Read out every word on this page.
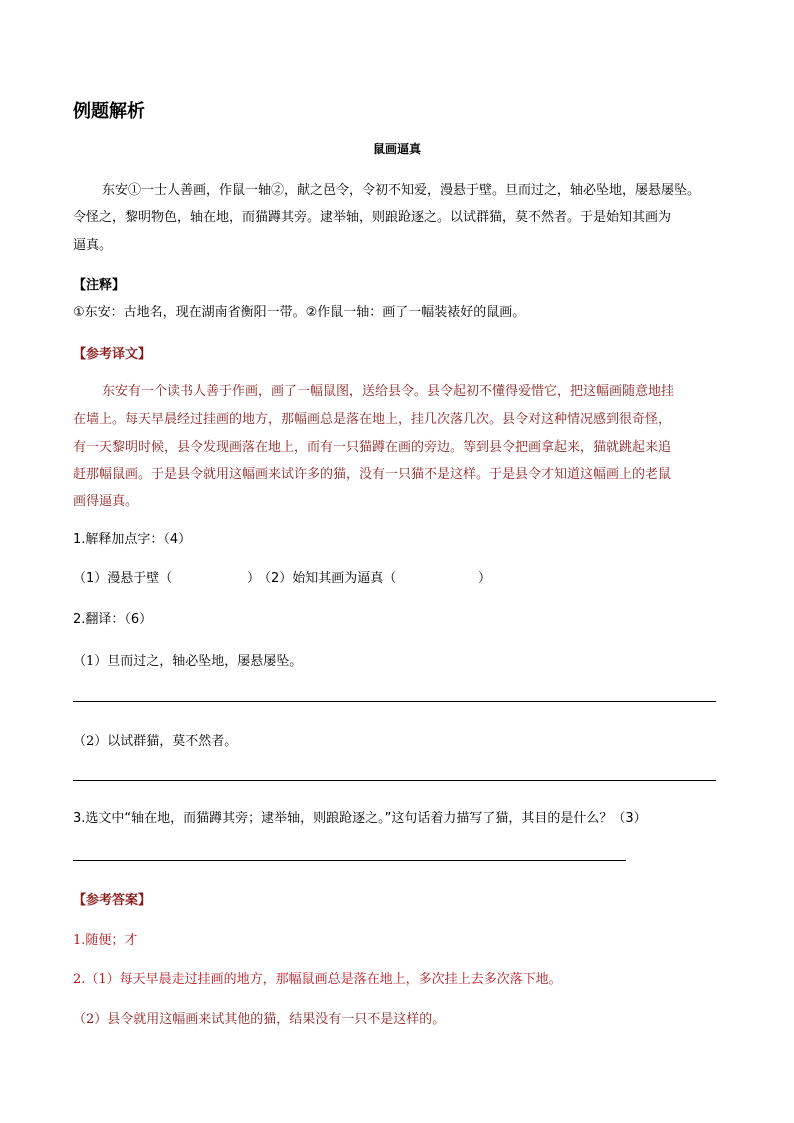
例题解析
鼠画逼真
东安①一士人善画，作鼠一轴②，献之邑令，令初不知爱，漫悬于壁。旦而过之，轴必坠地，屡悬屡坠。
令怪之，黎明物色，轴在地，而猫蹲其旁。逮举轴，则踉跄逐之。以试群猫，莫不然者。于是始知其画为
逼真。
【注释】
①东安：古地名，现在湖南省衡阳一带。②作鼠一轴：画了一幅装裱好的鼠画。
【参考译文】
东安有一个读书人善于作画，画了一幅鼠图，送给县令。县令起初不懂得爱惜它，把这幅画随意地挂
在墙上。每天早晨经过挂画的地方，那幅画总是落在地上，挂几次落几次。县令对这种情况感到很奇怪，
有一天黎明时候，县令发现画落在地上，而有一只猫蹲在画的旁边。等到县令把画拿起来，猫就跳起来追
赶那幅鼠画。于是县令就用这幅画来试许多的猫，没有一只猫不是这样。于是县令才知道这幅画上的老鼠
画得逼真。
1.解释加点字：（4）
（1）漫悬于壁（	）
（2）始知其画为逼真（	）
2.翻译：（6）
（1）旦而过之，轴必坠地，屡悬屡坠。
（2）以试群猫，莫不然者。
3.选文中“轴在地，而猫蹲其旁；逮举轴，则踉跄逐之。”这句话着力描写了猫，其目的是什么？（3）
【参考答案】
1.随便；才
2.（1）每天早晨走过挂画的地方，那幅鼠画总是落在地上，多次挂上去多次落下地。
（2）县令就用这幅画来试其他的猫，结果没有一只不是这样的。
